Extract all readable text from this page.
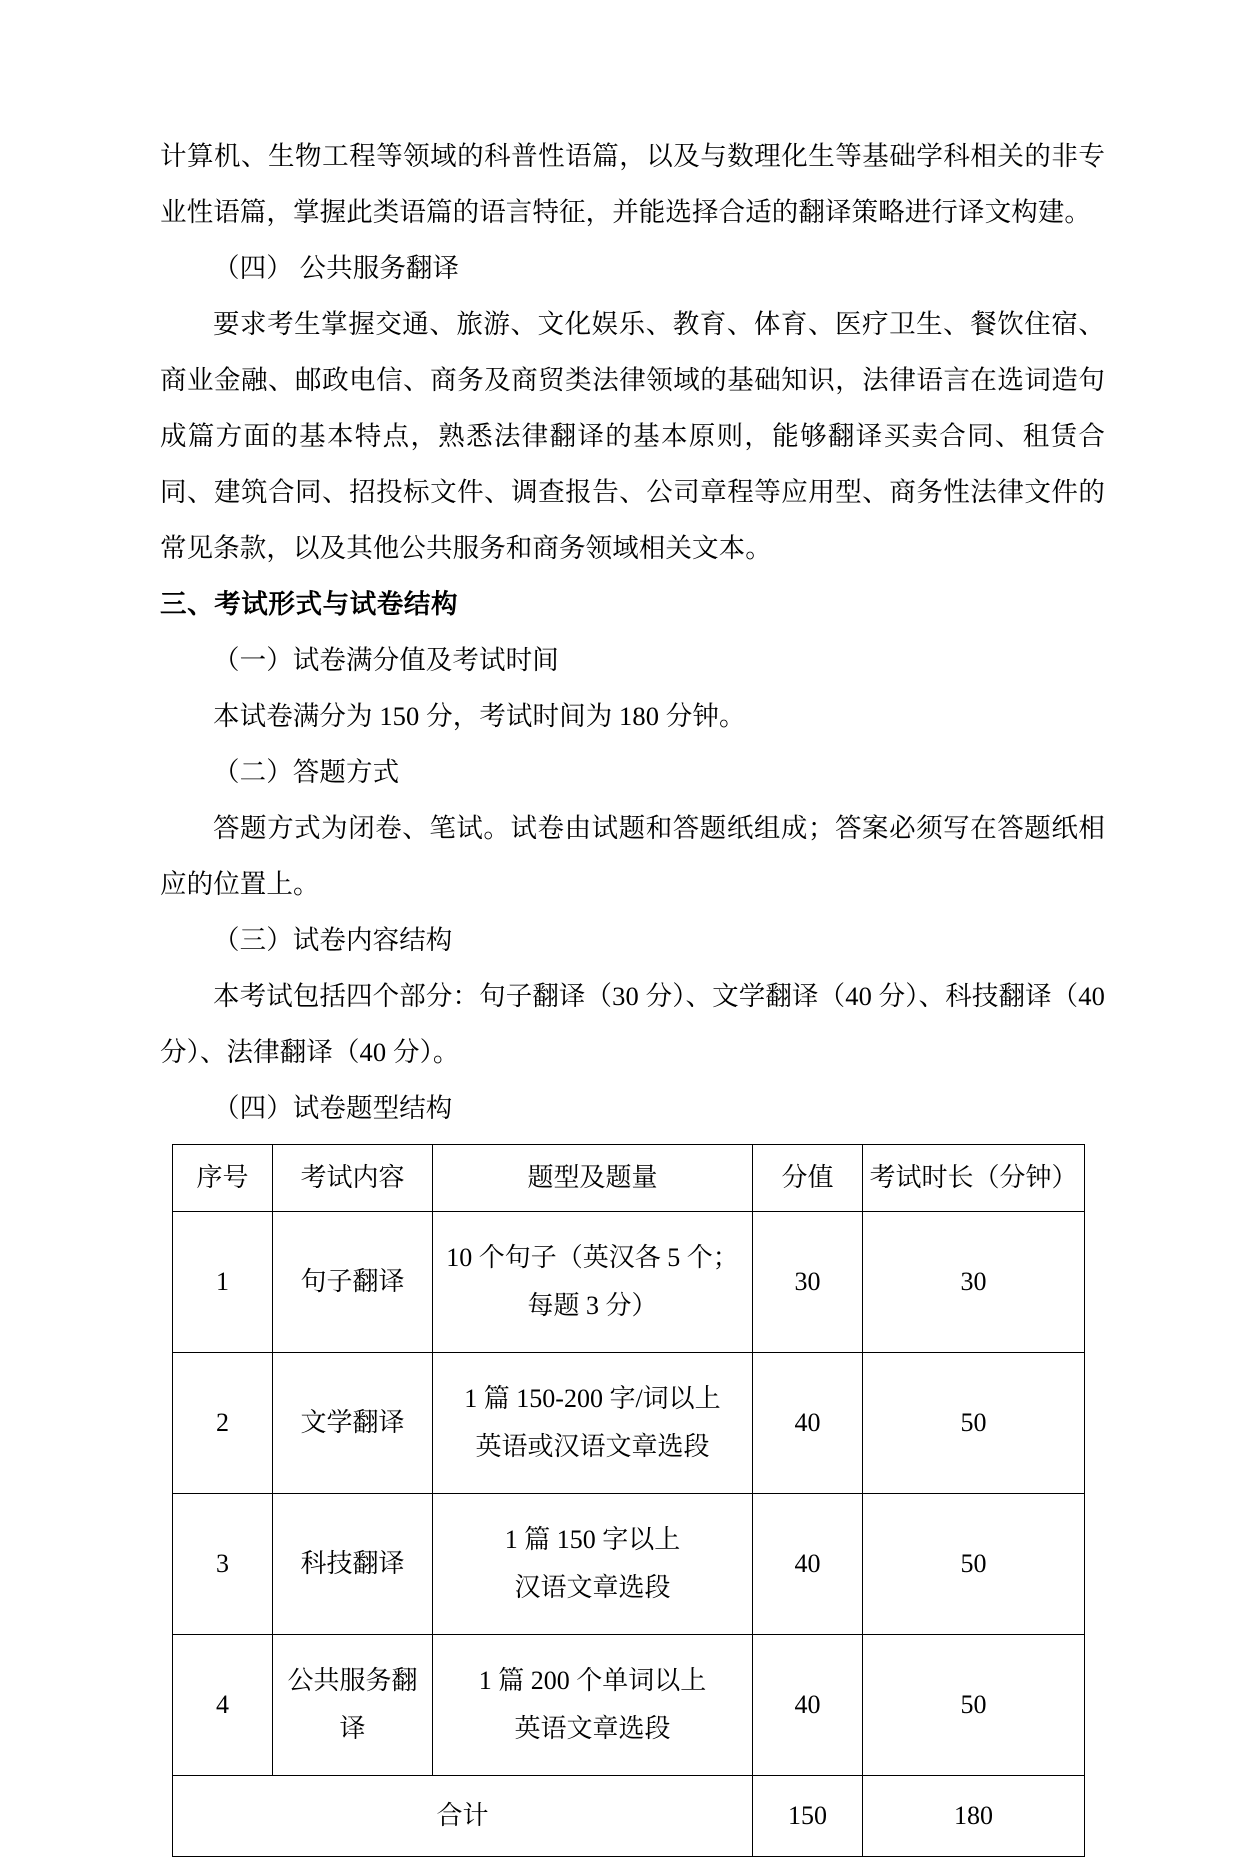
计算机、生物工程等领域的科普性语篇，以及与数理化生等基础学科相关的非专业性语篇，掌握此类语篇的语言特征，并能选择合适的翻译策略进行译文构建。

（四） 公共服务翻译

要求考生掌握交通、旅游、文化娱乐、教育、体育、医疗卫生、餐饮住宿、商业金融、邮政电信、商务及商贸类法律领域的基础知识，法律语言在选词造句成篇方面的基本特点，熟悉法律翻译的基本原则，能够翻译买卖合同、租赁合同、建筑合同、招投标文件、调查报告、公司章程等应用型、商务性法律文件的常见条款，以及其他公共服务和商务领域相关文本。

三、考试形式与试卷结构

（一）试卷满分值及考试时间

本试卷满分为 150 分，考试时间为 180 分钟。

（二）答题方式

答题方式为闭卷、笔试。试卷由试题和答题纸组成；答案必须写在答题纸相应的位置上。

（三）试卷内容结构

本考试包括四个部分：句子翻译（30 分）、文学翻译（40 分）、科技翻译（40 分）、法律翻译（40 分）。

（四）试卷题型结构

序号	考试内容	题型及题量	分值	考试时长（分钟）
1	句子翻译	10 个句子（英汉各 5 个；
每题 3 分）	30	30
2	文学翻译	1 篇 150-200 字/词以上
英语或汉语文章选段	40	50
3	科技翻译	1 篇 150 字以上
汉语文章选段	40	50
4	公共服务翻译	1 篇 200 个单词以上
英语文章选段	40	50
合计			150	180
